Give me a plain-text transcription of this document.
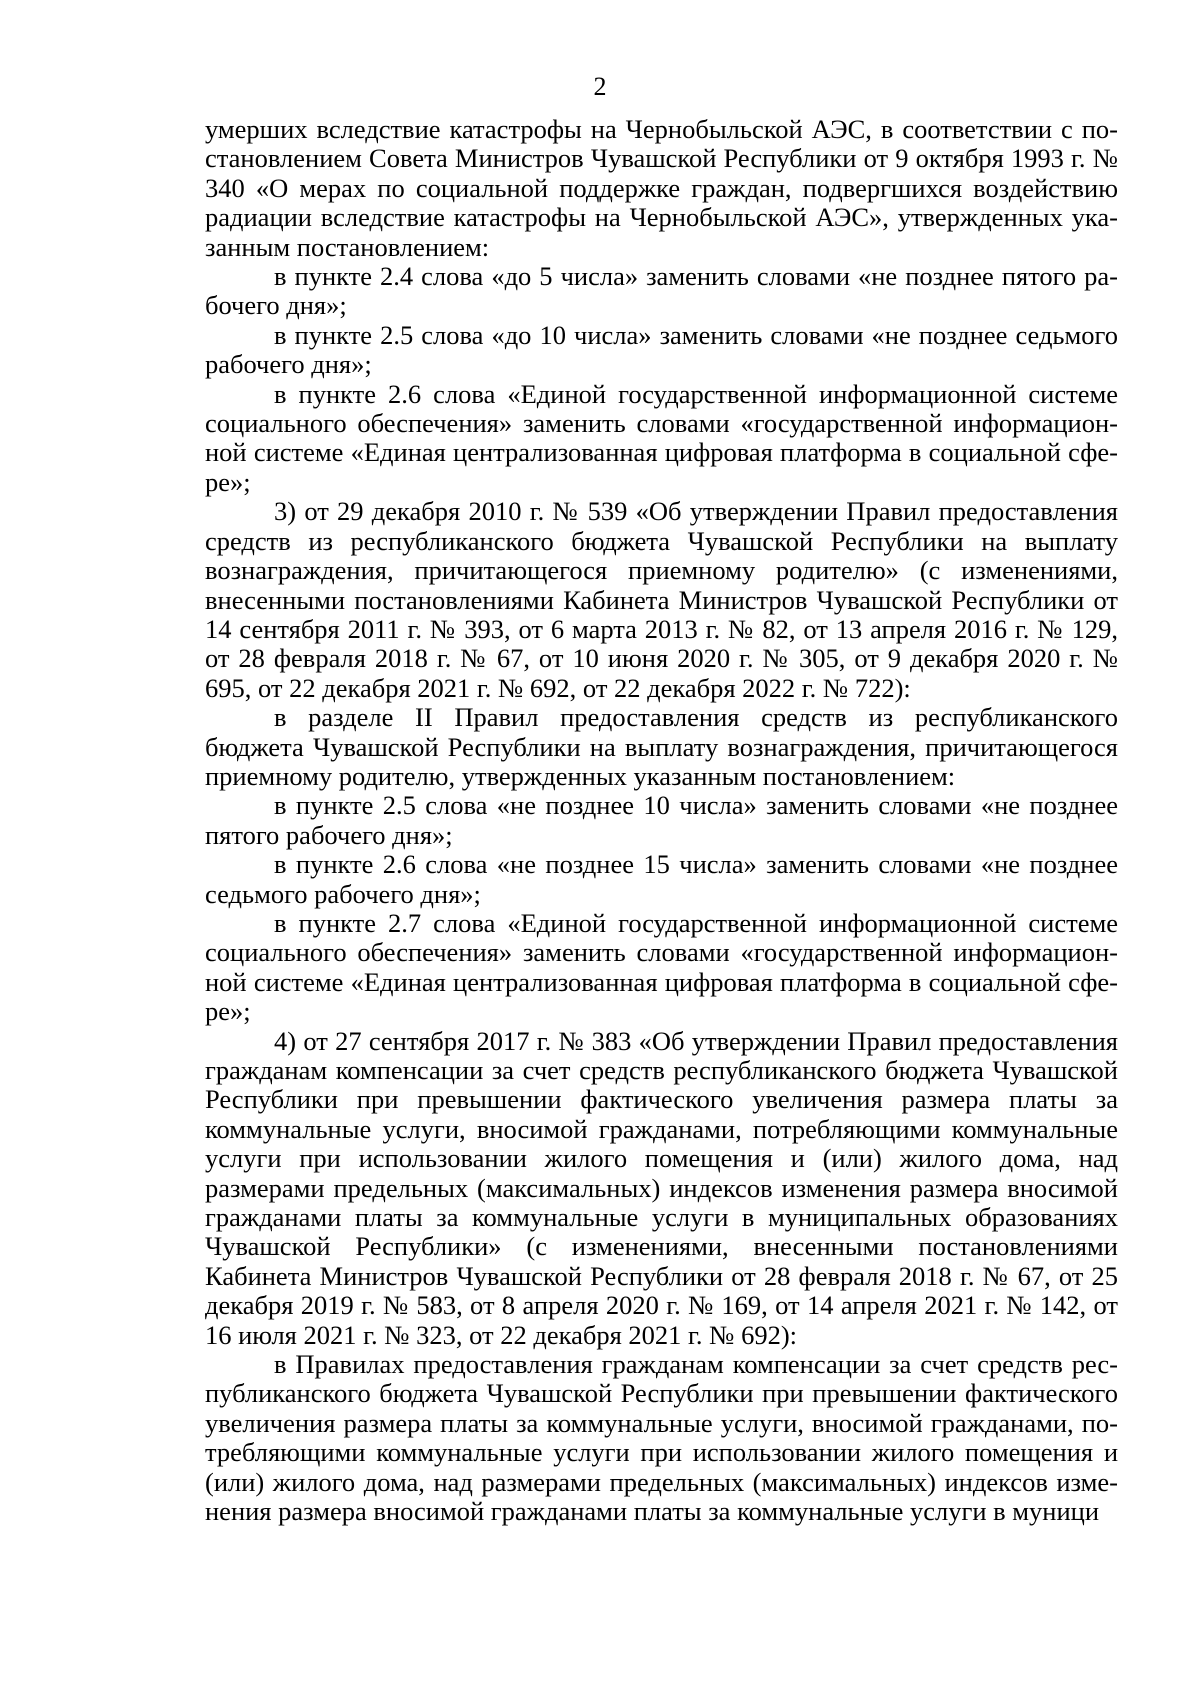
2

умерших вследствие катастрофы на Чернобыльской АЭС, в соответствии с постановлением Совета Министров Чувашской Республики от 9 октября 1993 г. № 340 «О мерах по социальной поддержке граждан, подвергшихся воздействию радиации вследствие катастрофы на Чернобыльской АЭС», утвержденных указанным постановлением:

в пункте 2.4 слова «до 5 числа» заменить словами «не позднее пятого рабочего дня»;

в пункте 2.5 слова «до 10 числа» заменить словами «не позднее седьмого рабочего дня»;

в пункте 2.6 слова «Единой государственной информационной системе социального обеспечения» заменить словами «государственной информационной системе «Единая централизованная цифровая платформа в социальной сфере»;

3) от 29 декабря 2010 г. № 539 «Об утверждении Правил предоставления средств из республиканского бюджета Чувашской Республики на выплату вознаграждения, причитающегося приемному родителю» (с изменениями, внесенными постановлениями Кабинета Министров Чувашской Республики от 14 сентября 2011 г. № 393, от 6 марта 2013 г. № 82, от 13 апреля 2016 г. № 129, от 28 февраля 2018 г. № 67, от 10 июня 2020 г. № 305, от 9 декабря 2020 г. № 695, от 22 декабря 2021 г. № 692, от 22 декабря 2022 г. № 722):

в разделе II Правил предоставления средств из республиканского бюджета Чувашской Республики на выплату вознаграждения, причитающегося приемному родителю, утвержденных указанным постановлением:

в пункте 2.5 слова «не позднее 10 числа» заменить словами «не позднее пятого рабочего дня»;

в пункте 2.6 слова «не позднее 15 числа» заменить словами «не позднее седьмого рабочего дня»;

в пункте 2.7 слова «Единой государственной информационной системе социального обеспечения» заменить словами «государственной информационной системе «Единая централизованная цифровая платформа в социальной сфере»;

4) от 27 сентября 2017 г. № 383 «Об утверждении Правил предоставления гражданам компенсации за счет средств республиканского бюджета Чувашской Республики при превышении фактического увеличения размера платы за коммунальные услуги, вносимой гражданами, потребляющими коммунальные услуги при использовании жилого помещения и (или) жилого дома, над размерами предельных (максимальных) индексов изменения размера вносимой гражданами платы за коммунальные услуги в муниципальных образованиях Чувашской Республики» (с изменениями, внесенными постановлениями Кабинета Министров Чувашской Республики от 28 февраля 2018 г. № 67, от 25 декабря 2019 г. № 583, от 8 апреля 2020 г. № 169, от 14 апреля 2021 г. № 142, от 16 июля 2021 г. № 323, от 22 декабря 2021 г. № 692):

в Правилах предоставления гражданам компенсации за счет средств республиканского бюджета Чувашской Республики при превышении фактического увеличения размера платы за коммунальные услуги, вносимой гражданами, потребляющими коммунальные услуги при использовании жилого помещения и (или) жилого дома, над размерами предельных (максимальных) индексов изменения размера вносимой гражданами платы за коммунальные услуги в муници
